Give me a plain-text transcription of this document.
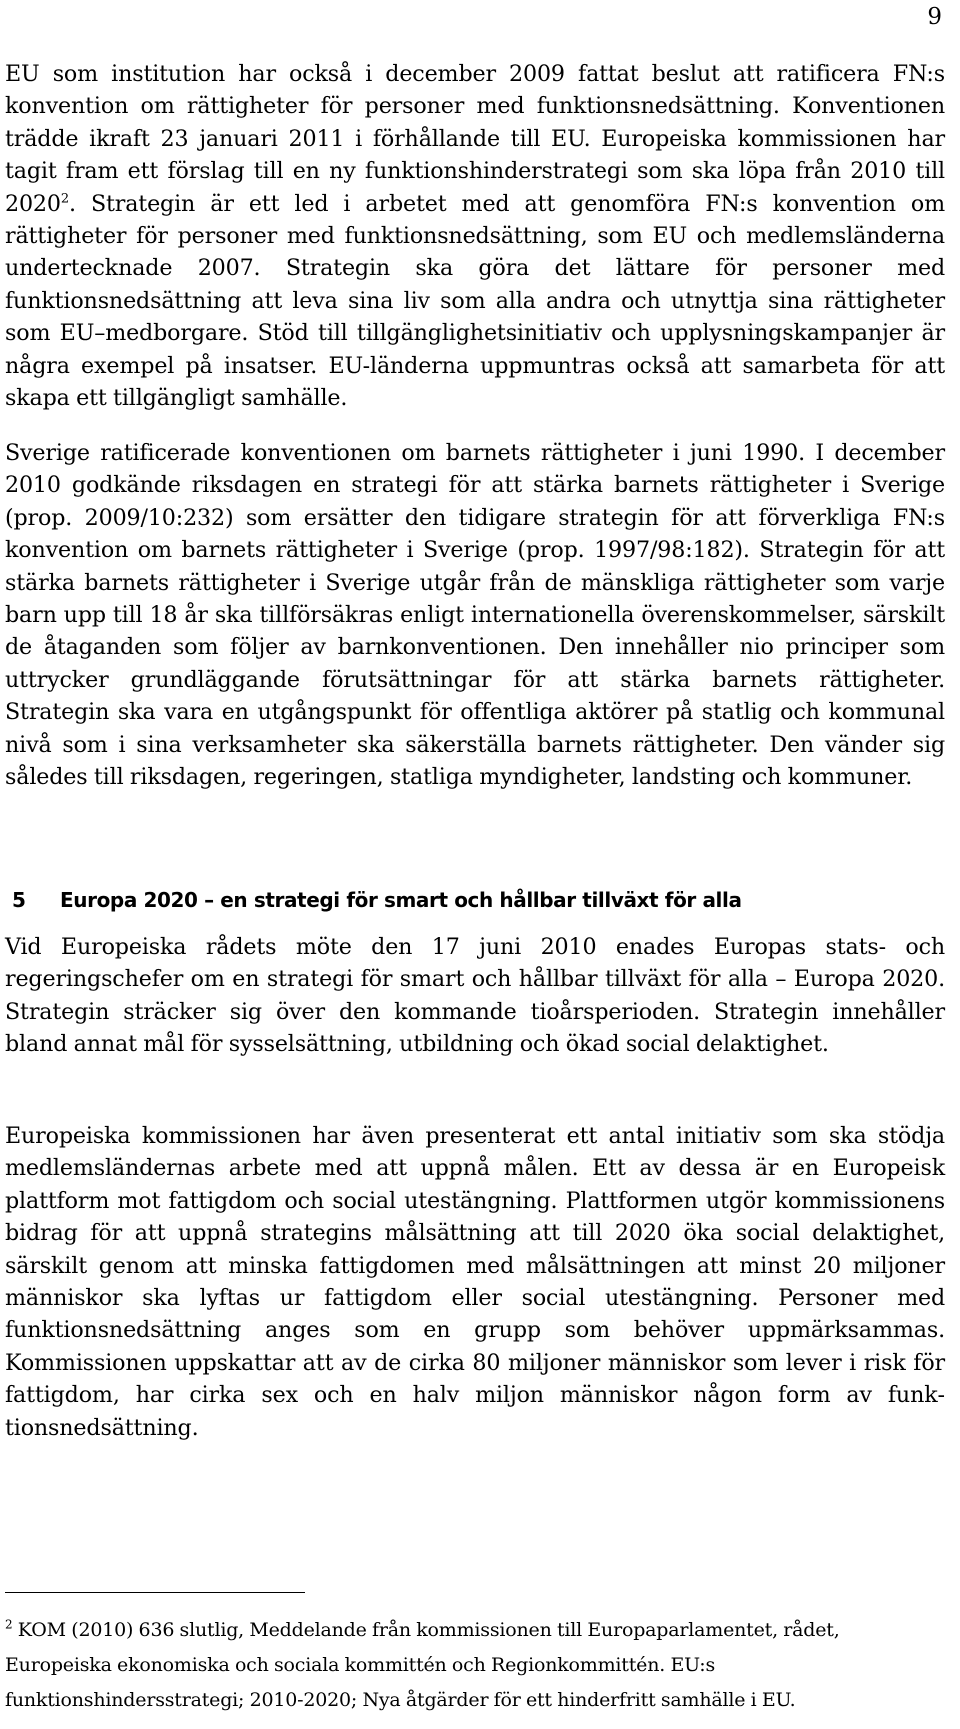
9

EU som institution har också i december 2009 fattat beslut att ratificera FN:s konvention om rättigheter för personer med funktionsnedsättning. Konventionen trädde ikraft 23 januari 2011 i förhållande till EU. Europeiska kommissionen har tagit fram ett förslag till en ny funktionshinderstrategi som ska löpa från 2010 till 2020$^2$. Strategin är ett led i arbetet med att genomföra FN:s konvention om rättigheter för personer med funktionsnedsättning, som EU och medlemsländerna undertecknade 2007. Strategin ska göra det lättare för personer med funktionsnedsättning att leva sina liv som alla andra och utnyttja sina rättigheter som EU–medborgare. Stöd till tillgänglighetsinitiativ och upplysningskampanjer är några exempel på insatser. EU-länderna uppmuntras också att samarbeta för att skapa ett tillgängligt samhälle.

Sverige ratificerade konventionen om barnets rättigheter i juni 1990. I december 2010 godkände riksdagen en strategi för att stärka barnets rättigheter i Sverige (prop. 2009/10:232) som ersätter den tidigare strategin för att förverkliga FN:s konvention om barnets rättigheter i Sverige (prop. 1997/98:182). Strategin för att stärka barnets rättigheter i Sverige utgår från de mänskliga rättigheter som varje barn upp till 18 år ska tillförsäkras enligt internationella överenskommelser, särskilt de åtaganden som följer av barnkonventionen. Den innehåller nio principer som uttrycker grundläggande förutsättningar för att stärka barnets rättigheter. Strategin ska vara en utgångspunkt för offentliga aktörer på statlig och kommunal nivå som i sina verksamheter ska säkerställa barnets rättigheter. Den vänder sig således till riksdagen, regeringen, statliga myndigheter, landsting och kommuner.

5 Europa 2020 – en strategi för smart och hållbar tillväxt för alla

Vid Europeiska rådets möte den 17 juni 2010 enades Europas stats- och regeringschefer om en strategi för smart och hållbar tillväxt för alla – Europa 2020. Strategin sträcker sig över den kommande tioårsperioden. Strategin innehåller bland annat mål för sysselsättning, utbildning och ökad social delaktighet.

Europeiska kommissionen har även presenterat ett antal initiativ som ska stödja medlemsländernas arbete med att uppnå målen. Ett av dessa är en Europeisk plattform mot fattigdom och social utestängning. Plattformen utgör kommissionens bidrag för att uppnå strategins målsättning att till 2020 öka social delaktighet, särskilt genom att minska fattigdomen med målsättningen att minst 20 miljoner människor ska lyftas ur fattigdom eller social utestängning. Personer med funktionsnedsättning anges som en grupp som behöver uppmärksammas. Kommissionen uppskattar att av de cirka 80 miljoner människor som lever i risk för fattigdom, har cirka sex och en halv miljon människor någon form av funktionsnedsättning.

$^2$ KOM (2010) 636 slutlig, Meddelande från kommissionen till Europaparlamentet, rådet, Europeiska ekonomiska och sociala kommittén och Regionkommittén. EU:s funktionshindersstrategi; 2010-2020; Nya åtgärder för ett hinderfritt samhälle i EU.
